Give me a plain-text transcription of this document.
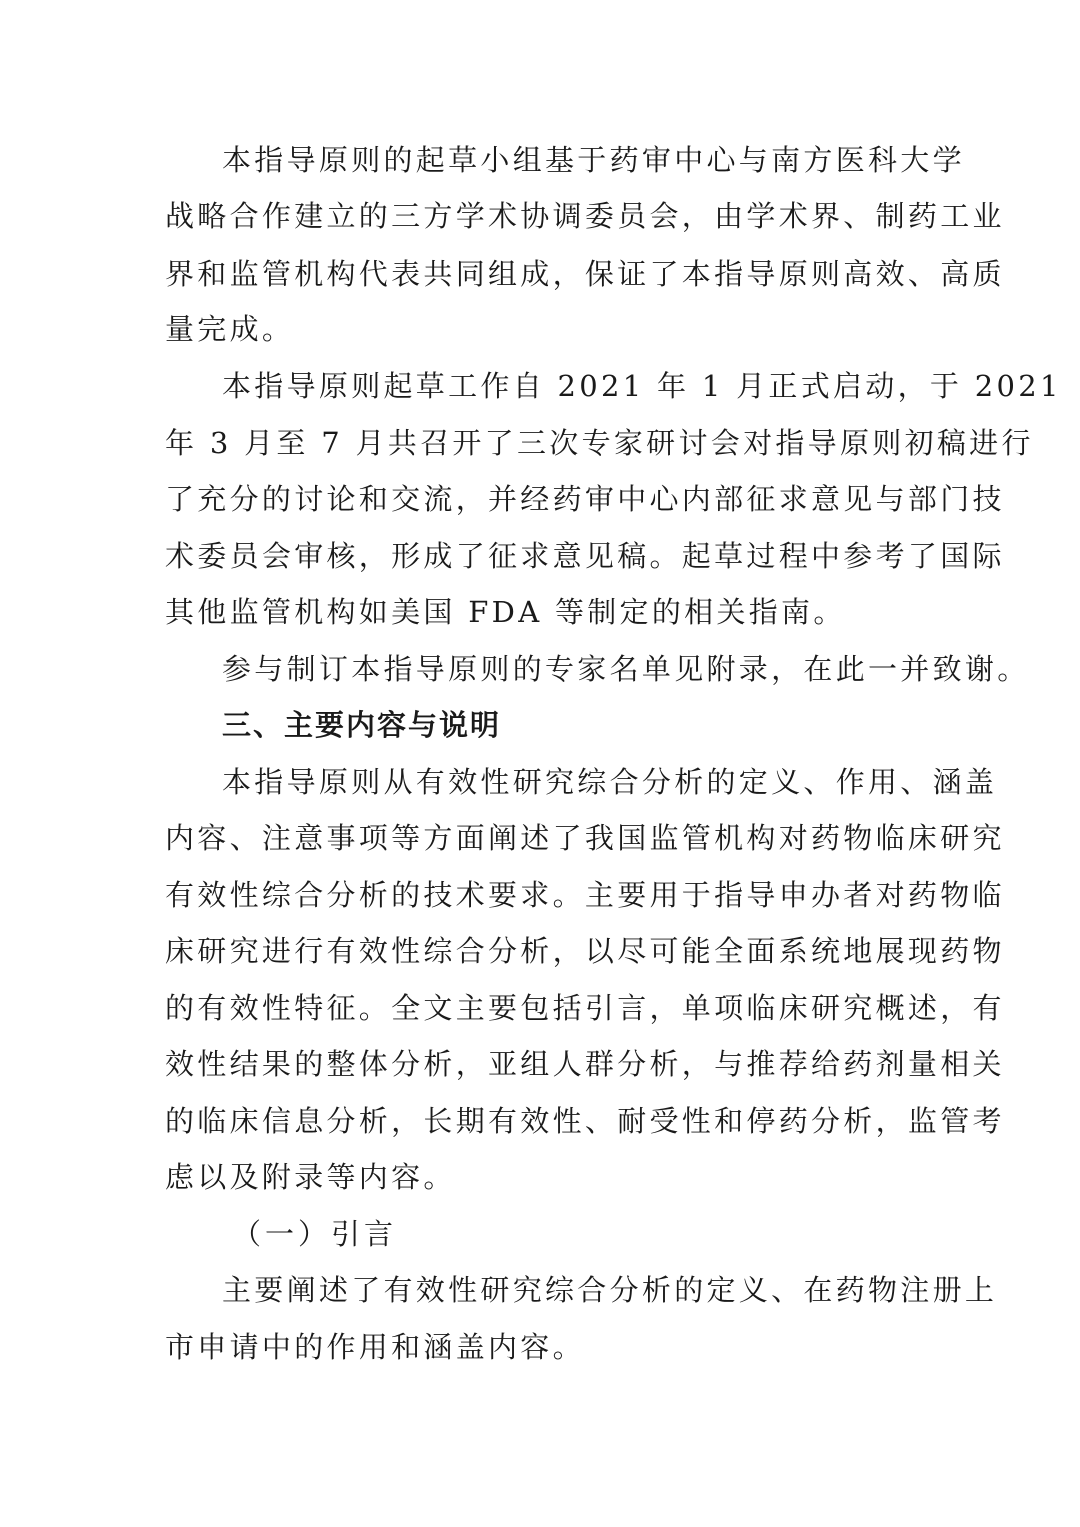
本指导原则的起草小组基于药审中心与南方医科大学
战略合作建立的三方学术协调委员会，由学术界、制药工业
界和监管机构代表共同组成，保证了本指导原则高效、高质
量完成。
本指导原则起草工作自 2021 年 1 月正式启动，于 2021
年 3 月至 7 月共召开了三次专家研讨会对指导原则初稿进行
了充分的讨论和交流，并经药审中心内部征求意见与部门技
术委员会审核，形成了征求意见稿。起草过程中参考了国际
其他监管机构如美国 FDA 等制定的相关指南。
参与制订本指导原则的专家名单见附录，在此一并致谢。
三、主要内容与说明
本指导原则从有效性研究综合分析的定义、作用、涵盖
内容、注意事项等方面阐述了我国监管机构对药物临床研究
有效性综合分析的技术要求。主要用于指导申办者对药物临
床研究进行有效性综合分析，以尽可能全面系统地展现药物
的有效性特征。全文主要包括引言，单项临床研究概述，有
效性结果的整体分析，亚组人群分析，与推荐给药剂量相关
的临床信息分析，长期有效性、耐受性和停药分析，监管考
虑以及附录等内容。
（一）引言
主要阐述了有效性研究综合分析的定义、在药物注册上
市申请中的作用和涵盖内容。
